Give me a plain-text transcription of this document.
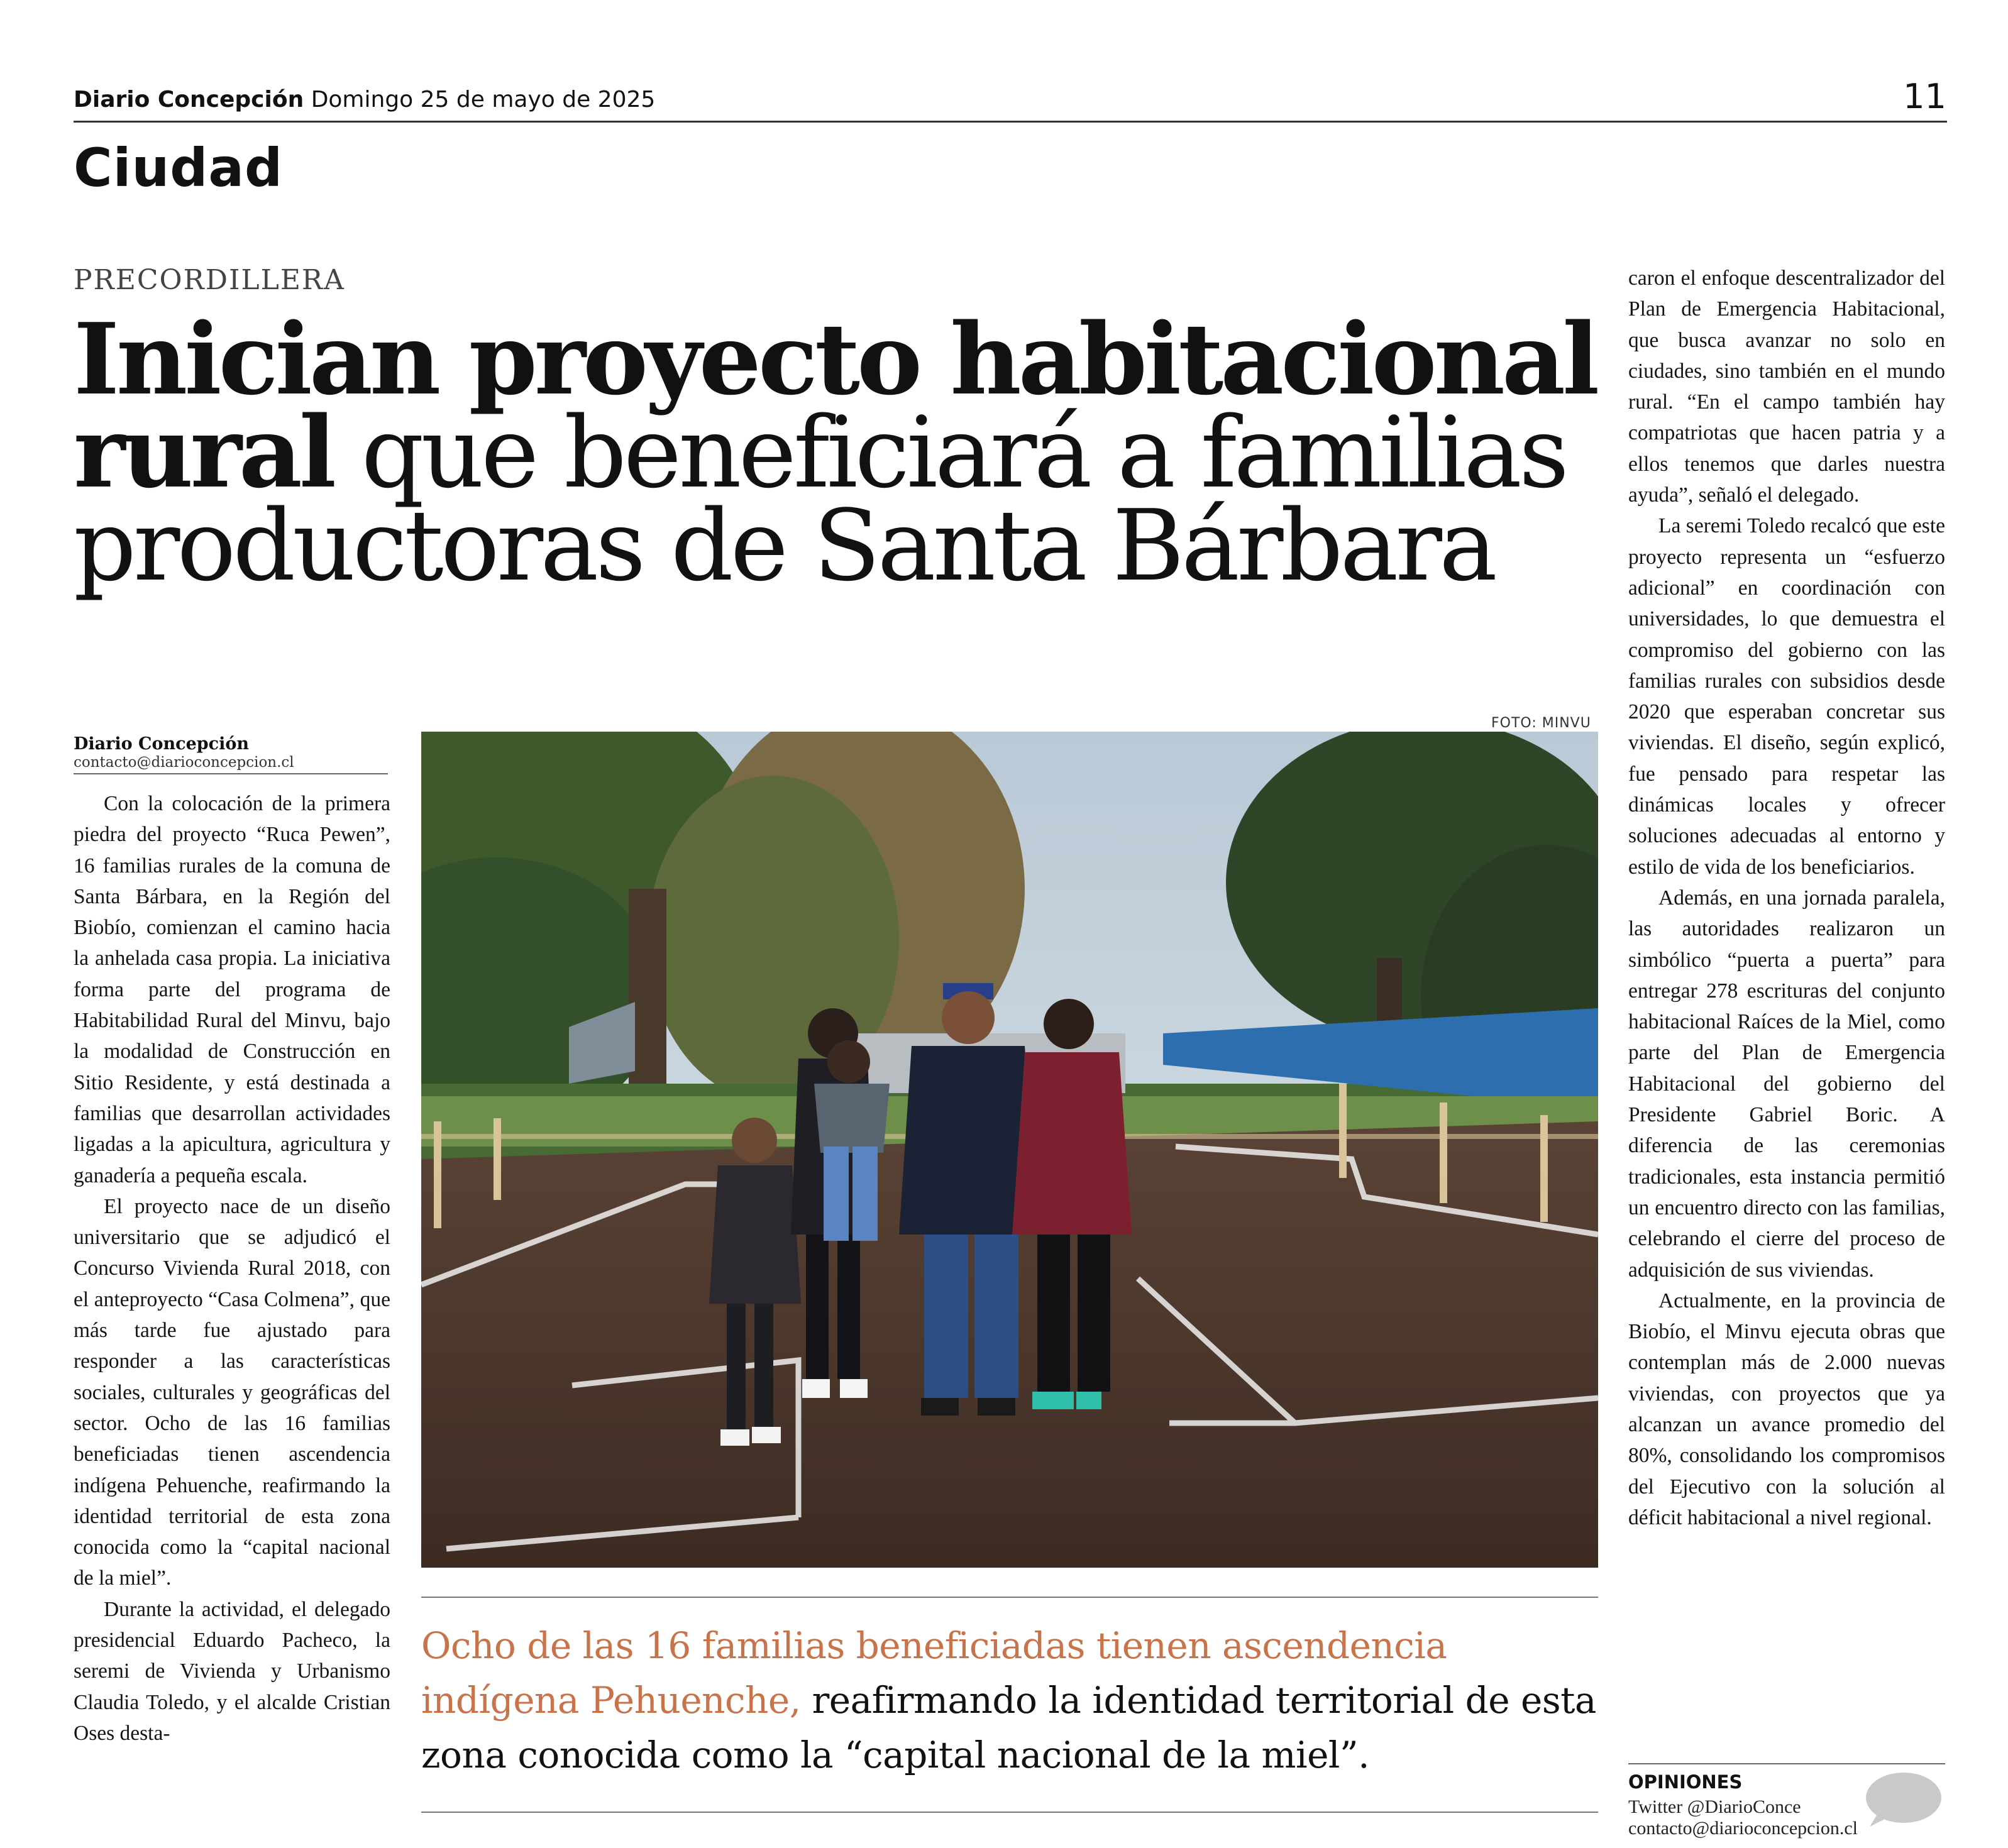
Diario Concepción Domingo 25 de mayo de 2025	11
Ciudad
PRECORDILLERA
Inician proyecto habitacional
rural que beneficiará a familias
productoras de Santa Bárbara
Diario Concepción
contacto@diarioconcepcion.cl

Con la colocación de la primera piedra del proyecto “Ruca Pewen”, 16 familias rurales de la comuna de Santa Bárbara, en la Región del Biobío, comienzan el camino hacia la anhelada casa propia. La iniciativa forma parte del programa de Habitabilidad Rural del Minvu, bajo la modalidad de Construcción en Sitio Residente, y está destinada a familias que desarrollan actividades ligadas a la apicultura, agricultura y ganadería a pequeña escala.

El proyecto nace de un diseño universitario que se adjudicó el Concurso Vivienda Rural 2018, con el anteproyecto “Casa Colmena”, que más tarde fue ajustado para responder a las características sociales, culturales y geográficas del sector. Ocho de las 16 familias beneficiadas tienen ascendencia indígena Pehuenche, reafirmando la identidad territorial de esta zona conocida como la “capital nacional de la miel”.

Durante la actividad, el delegado presidencial Eduardo Pacheco, la seremi de Vivienda y Urbanismo Claudia Toledo, y el alcalde Cristian Oses desta-

caron el enfoque descentralizador del Plan de Emergencia Habitacional, que busca avanzar no solo en ciudades, sino también en el mundo rural. “En el campo también hay compatriotas que hacen patria y a ellos tenemos que darles nuestra ayuda”, señaló el delegado.

La seremi Toledo recalcó que este proyecto representa un “esfuerzo adicional” en coordinación con universidades, lo que demuestra el compromiso del gobierno con las familias rurales con subsidios desde 2020 que esperaban concretar sus viviendas. El diseño, según explicó, fue pensado para respetar las dinámicas locales y ofrecer soluciones adecuadas al entorno y estilo de vida de los beneficiarios.

Además, en una jornada paralela, las autoridades realizaron un simbólico “puerta a puerta” para entregar 278 escrituras del conjunto habitacional Raíces de la Miel, como parte del Plan de Emergencia Habitacional del gobierno del Presidente Gabriel Boric. A diferencia de las ceremonias tradicionales, esta instancia permitió un encuentro directo con las familias, celebrando el cierre del proceso de adquisición de sus viviendas.

Actualmente, en la provincia de Biobío, el Minvu ejecuta obras que contemplan más de 2.000 nuevas viviendas, con proyectos que ya alcanzan un avance promedio del 80%, consolidando los compromisos del Ejecutivo con la solución al déficit habitacional a nivel regional.

FOTO: MINVU
Ocho de las 16 familias beneficiadas tienen ascendencia indígena Pehuenche, reafirmando la identidad territorial de esta zona conocida como la “capital nacional de la miel”.
OPINIONES
Twitter @DiarioConce
contacto@diarioconcepcion.cl
